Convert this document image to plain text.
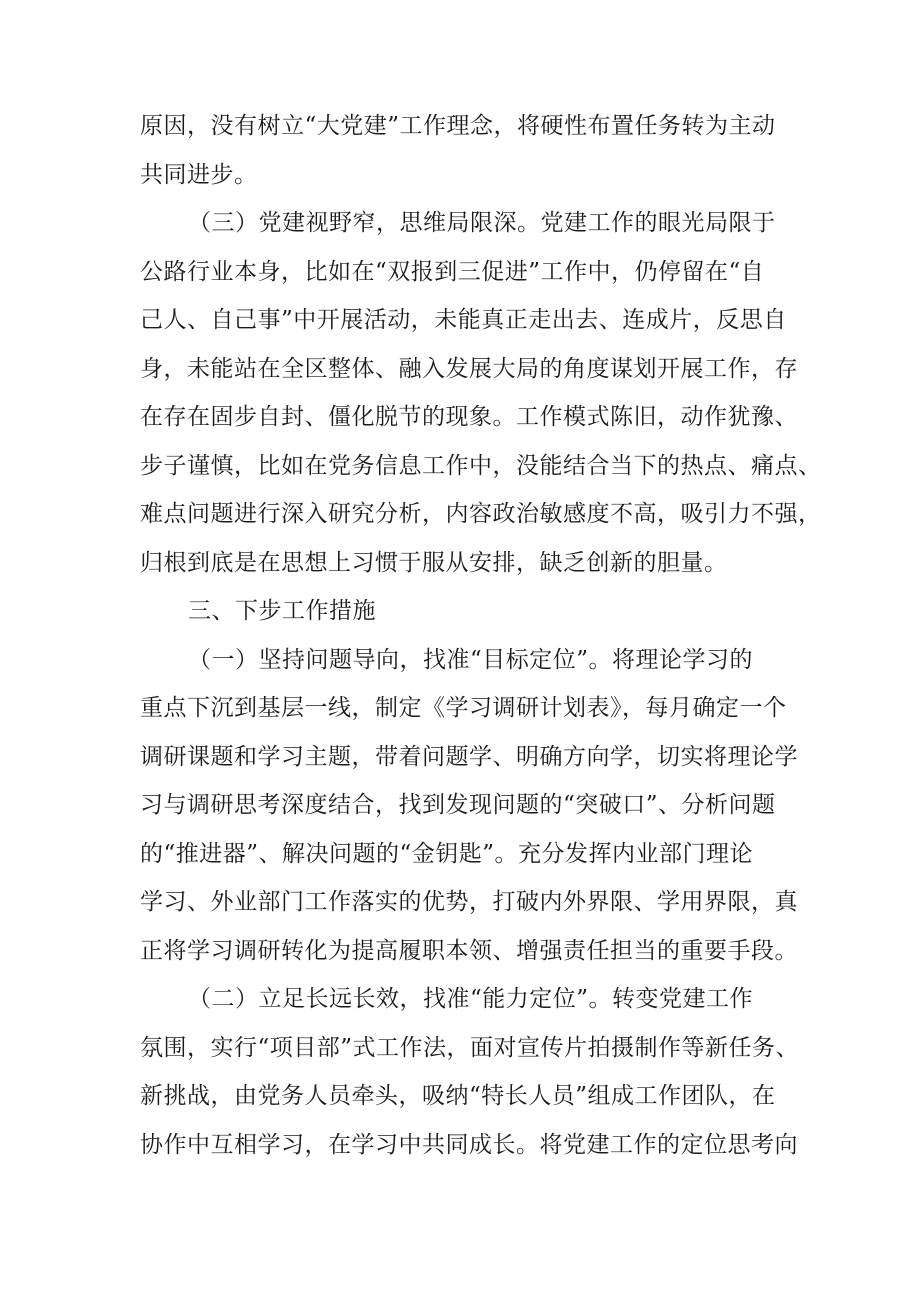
原因，没有树立“大党建”工作理念，将硬性布置任务转为主动
共同进步。
（三）党建视野窄，思维局限深。党建工作的眼光局限于
公路行业本身，比如在“双报到三促进”工作中，仍停留在“自
己人、自己事”中开展活动，未能真正走出去、连成片，反思自
身，未能站在全区整体、融入发展大局的角度谋划开展工作，存
在存在固步自封、僵化脱节的现象。工作模式陈旧，动作犹豫、
步子谨慎，比如在党务信息工作中，没能结合当下的热点、痛点、
难点问题进行深入研究分析，内容政治敏感度不高，吸引力不强，
归根到底是在思想上习惯于服从安排，缺乏创新的胆量。
三、下步工作措施
（一）坚持问题导向，找准“目标定位”。将理论学习的
重点下沉到基层一线，制定《学习调研计划表》，每月确定一个
调研课题和学习主题，带着问题学、明确方向学，切实将理论学
习与调研思考深度结合，找到发现问题的“突破口”、分析问题
的“推进器”、解决问题的“金钥匙”。充分发挥内业部门理论
学习、外业部门工作落实的优势，打破内外界限、学用界限，真
正将学习调研转化为提高履职本领、增强责任担当的重要手段。
（二）立足长远长效，找准“能力定位”。转变党建工作
氛围，实行“项目部”式工作法，面对宣传片拍摄制作等新任务、
新挑战，由党务人员牵头，吸纳“特长人员”组成工作团队，在
协作中互相学习，在学习中共同成长。将党建工作的定位思考向
